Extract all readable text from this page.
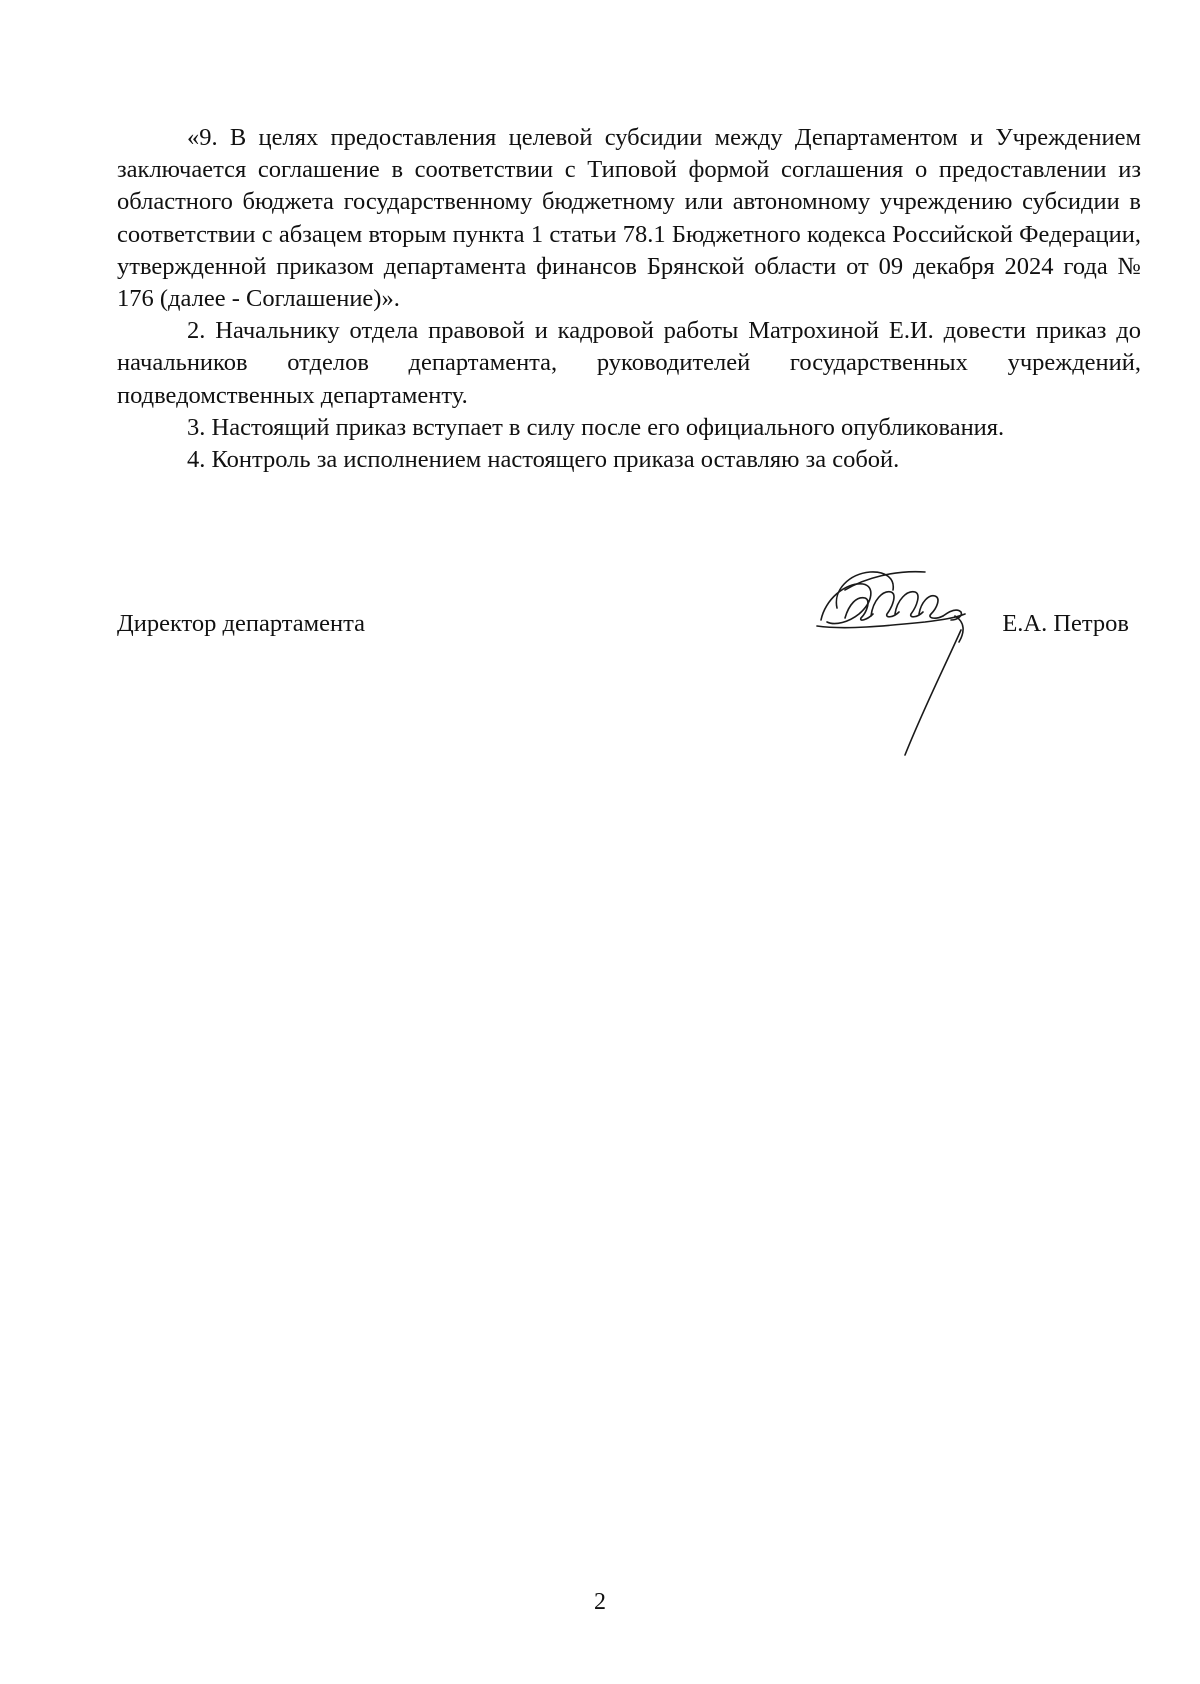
«9. В целях предоставления целевой субсидии между Департаментом и Учреждением заключается соглашение в соответствии с Типовой формой соглашения о предоставлении из областного бюджета государственному бюджетному или автономному учреждению субсидии в соответствии с абзацем вторым пункта 1 статьи 78.1 Бюджетного кодекса Российской Федерации, утвержденной приказом департамента финансов Брянской области от 09 декабря 2024 года № 176 (далее - Соглашение)».

2. Начальнику отдела правовой и кадровой работы Матрохиной Е.И. довести приказ до начальников отделов департамента, руководителей государственных учреждений, подведомственных департаменту.

3. Настоящий приказ вступает в силу после его официального опубликования.

4. Контроль за исполнением настоящего приказа оставляю за собой.

Директор департамента	Е.А. Петров
2
